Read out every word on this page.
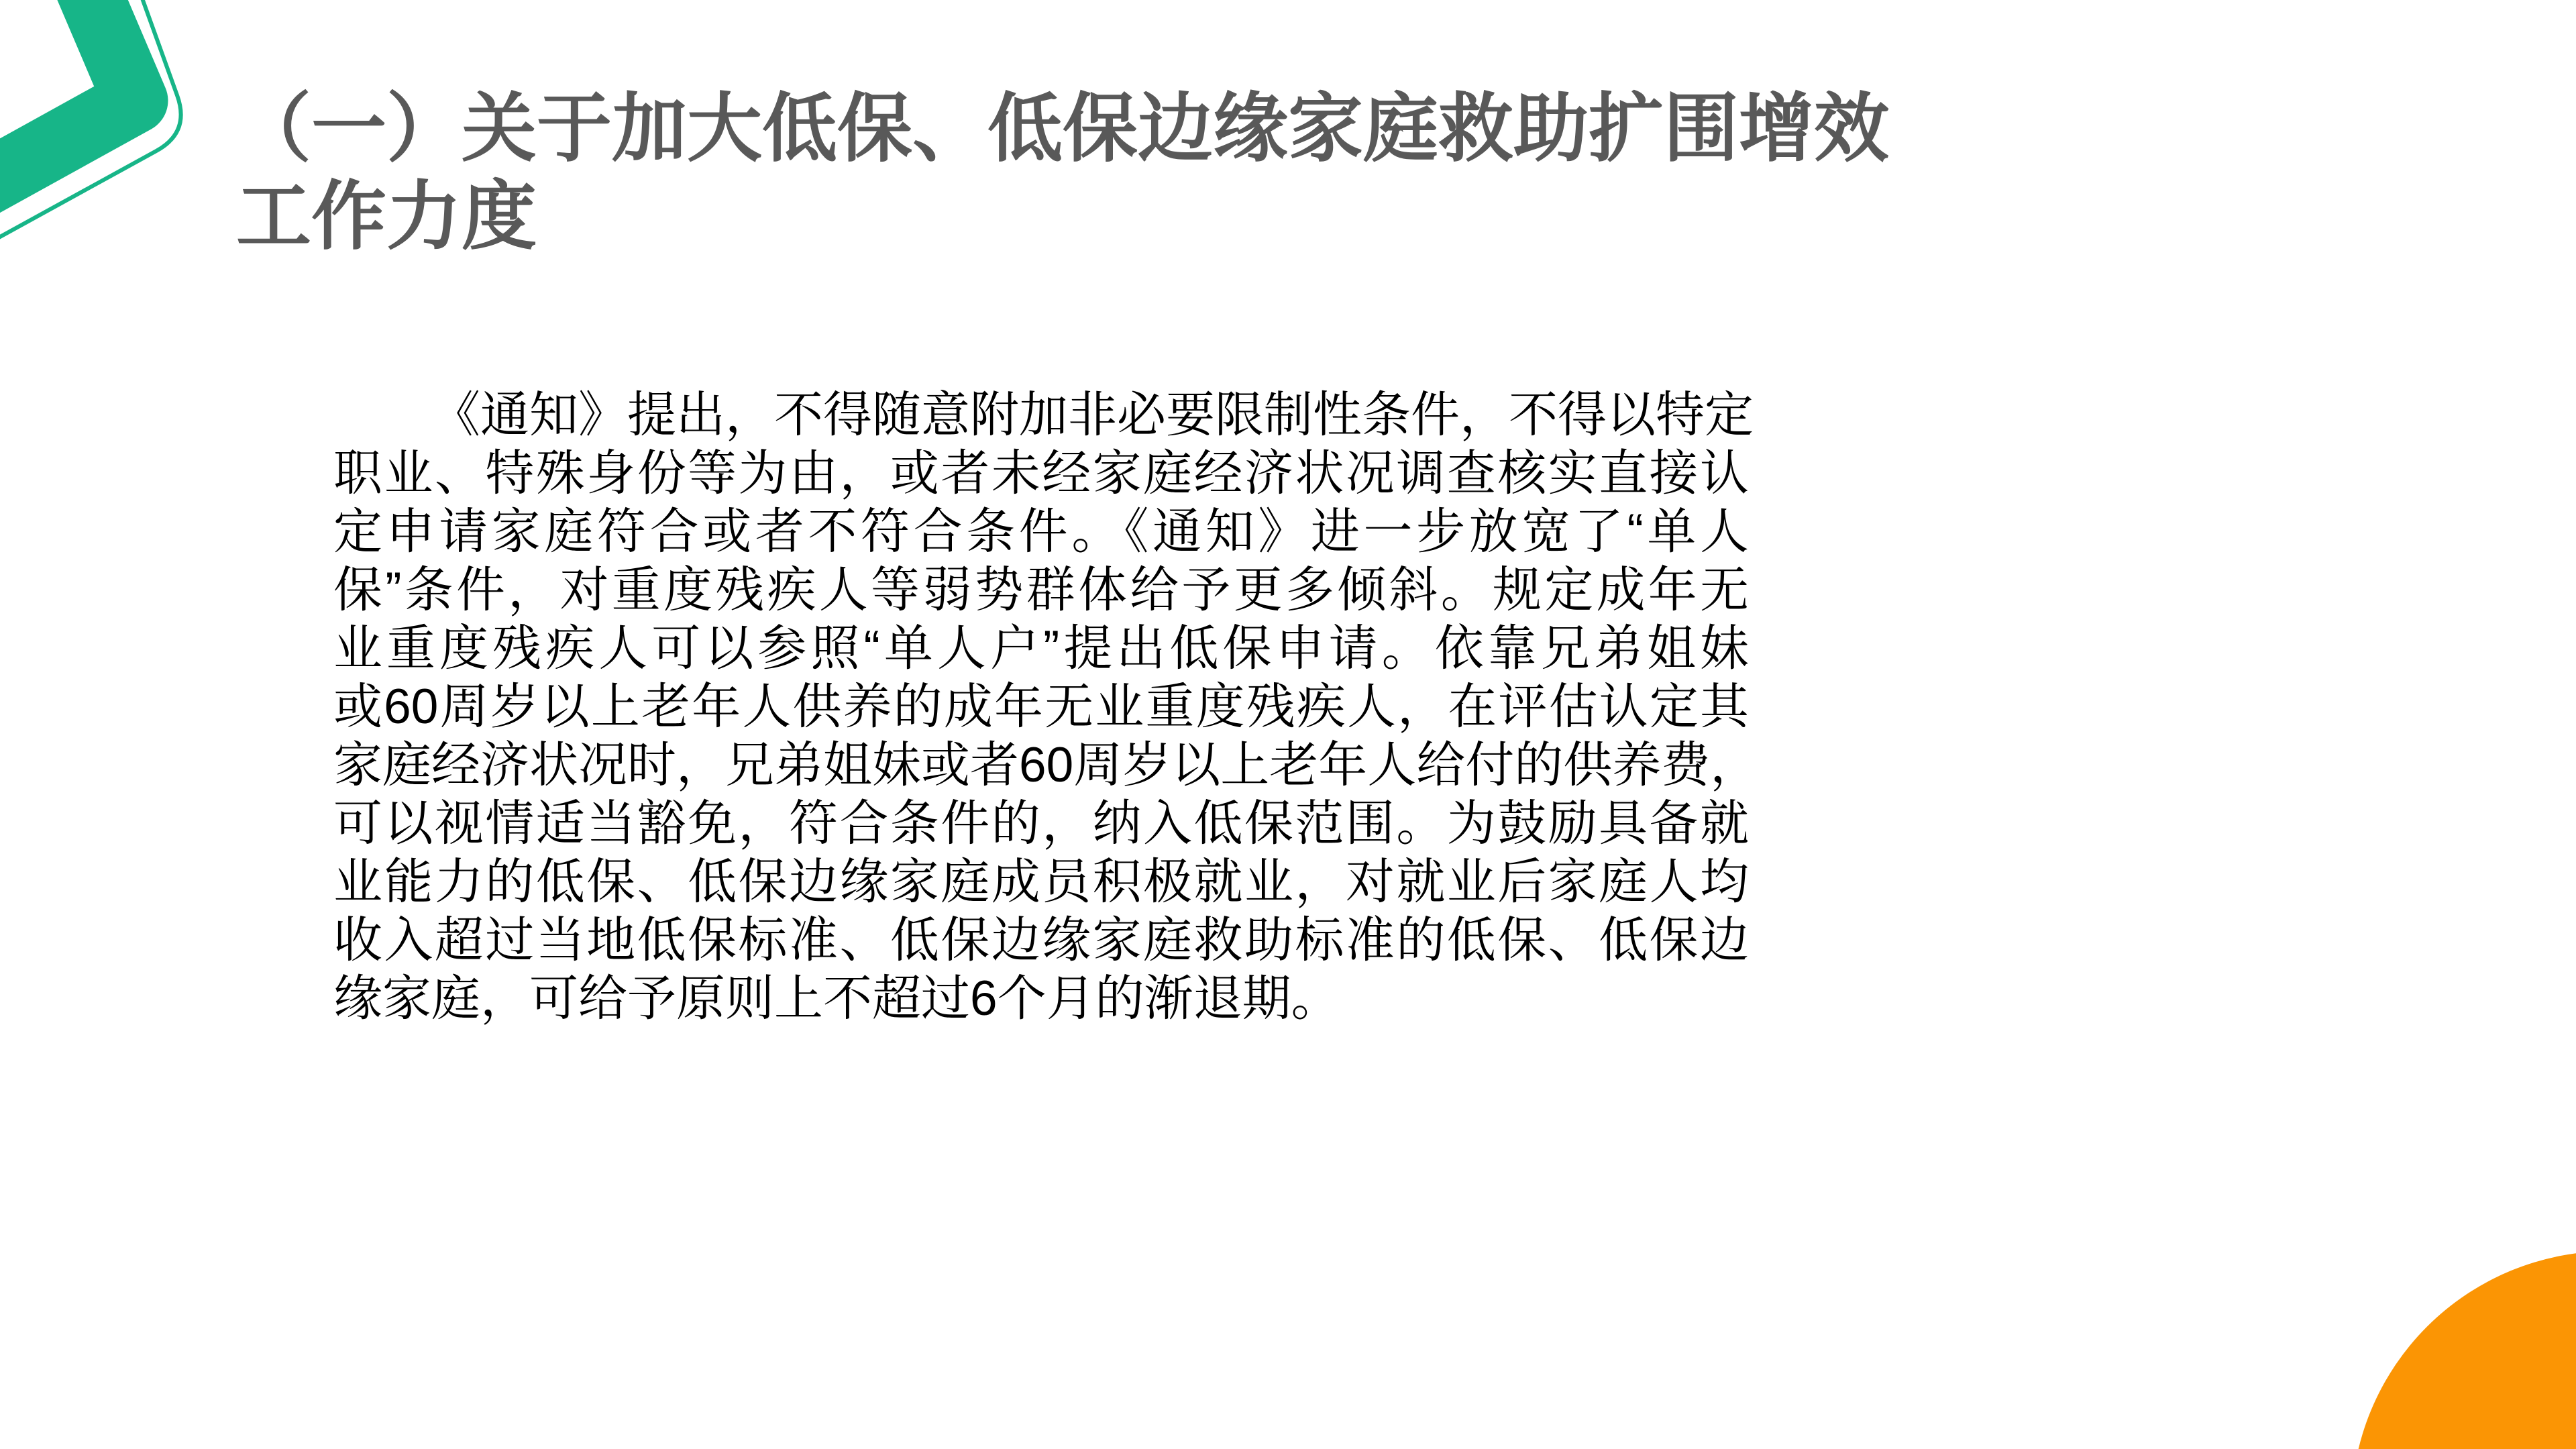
（一）关于加大低保、低保边缘家庭救助扩围增效
工作力度
《通知》提出，不得随意附加非必要限制性条件，不得以特定
职业、特殊身份等为由，或者未经家庭经济状况调查核实直接认
定申请家庭符合或者不符合条件。《通知》进一步放宽了“单人
保”条件，对重度残疾人等弱势群体给予更多倾斜。规定成年无
业重度残疾人可以参照“单人户”提出低保申请。依靠兄弟姐妹
或60周岁以上老年人供养的成年无业重度残疾人，在评估认定其
家庭经济状况时，兄弟姐妹或者60周岁以上老年人给付的供养费，
可以视情适当豁免，符合条件的，纳入低保范围。为鼓励具备就
业能力的低保、低保边缘家庭成员积极就业，对就业后家庭人均
收入超过当地低保标准、低保边缘家庭救助标准的低保、低保边
缘家庭，可给予原则上不超过6个月的渐退期。
